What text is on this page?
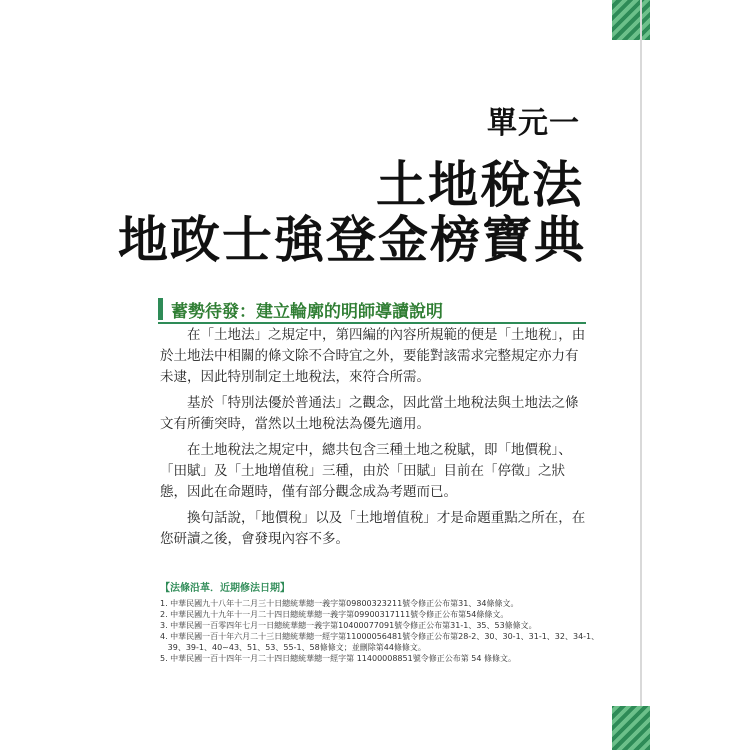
單元一
土地稅法
地政士強登金榜寶典
蓄勢待發：建立輪廓的明師導讀說明

在「土地法」之規定中，第四編的內容所規範的便是「土地稅」，由於土地法中相關的條文除不合時宜之外，要能對該需求完整規定亦力有未逮，因此特別制定土地稅法，來符合所需。

基於「特別法優於普通法」之觀念，因此當土地稅法與土地法之條文有所衝突時，當然以土地稅法為優先適用。

在土地稅法之規定中，總共包含三種土地之稅賦，即「地價稅」、「田賦」及「土地增值稅」三種，由於「田賦」目前在「停徵」之狀態，因此在命題時，僅有部分觀念成為考題而已。

換句話說，「地價稅」以及「土地增值稅」才是命題重點之所在，在您研讀之後，會發現內容不多。

【法條沿革．近期修法日期】
1. 中華民國九十八年十二月三十日總統華總一義字第09800323211號令修正公布第31、34條條文。
2. 中華民國九十九年十一月二十四日總統華總一義字第09900317111號令修正公布第54條條文。
3. 中華民國一百零四年七月一日總統華總一義字第10400077091號令修正公布第31-1、35、53條條文。
4. 中華民國一百十年六月二十三日總統華總一經字第11000056481號令修正公布第28-2、30、30-1、31-1、32、34-1、
39、39-1、40~43、51、53、55-1、58條條文；並刪除第44條條文。
5. 中華民國一百十四年一月二十四日總統華總一經字第 11400008851號令修正公布第 54 條條文。
